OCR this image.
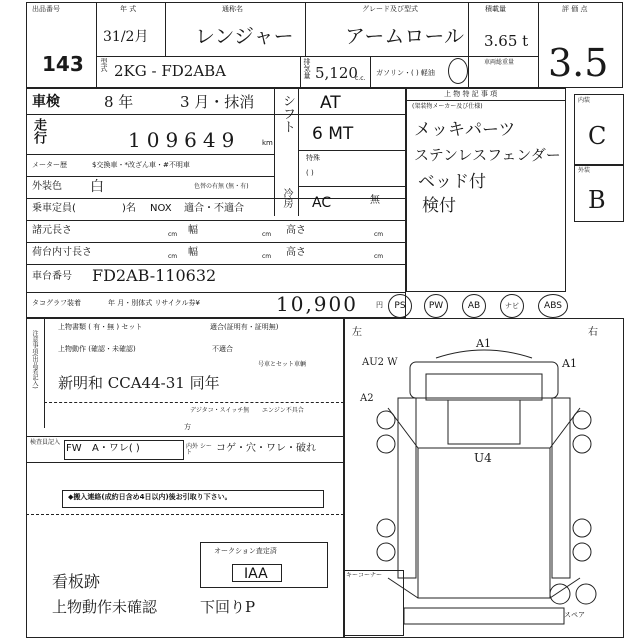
出品番号
143
年 式
31/2月
通称名
レンジャー
グレード及び型式
アームロール
積載量
3.65 t
評 価 点
3.5
型式 2KG - FD2ABA	排気量 5,120
c.c.
ガソリン・( ) 軽油
車両総重量
車検	8 年	3 月・抹消
走行	109649	km
メーター歴	$交換車・*改ざん車・#不明車
外装色 白	色替の有無 (無・有)
乗車定員(	)名 NOX 適合・不適合
シフト AT
6 MT
特殊
( )
冷房 AC	無
諸元長さ	cm 幅	cm 高さ	cm
荷台内寸長さ	cm 幅	cm 高さ	cm
車台番号 FD2AB-110632
タコグラフ装着	年 月・別体式 リサイクル券¥	10,900	円	PS	PW	AB	ナビ	ABS
上 物 特 記 事 項
(架装物メーカー及び仕様)
メッキパーツ
ステンレスフェンダー
ベッド付
検付
内装
C
外装
B
注意事項(出品者記入)
上物書類 ( 有・無 ) セット	適合(証明有・証明無)
不適合
上物動作 (確認・未確認)
号車とセット車輌
新明和 CCA44-31 同年
デジタコ・スイッチ無 エンジン不具合
方
検査員記入
FW A・ワレ( )	内外 シート	コゲ・穴・ワレ・破れ
◆搬入連絡(成約日含め4日以内)後お引取り下さい。
オークション査定済
IAA	キーコーナー
看板跡
上物動作未確認	下回りP
左	右
A1
AU2 W	A1
A2
U4
スペア
